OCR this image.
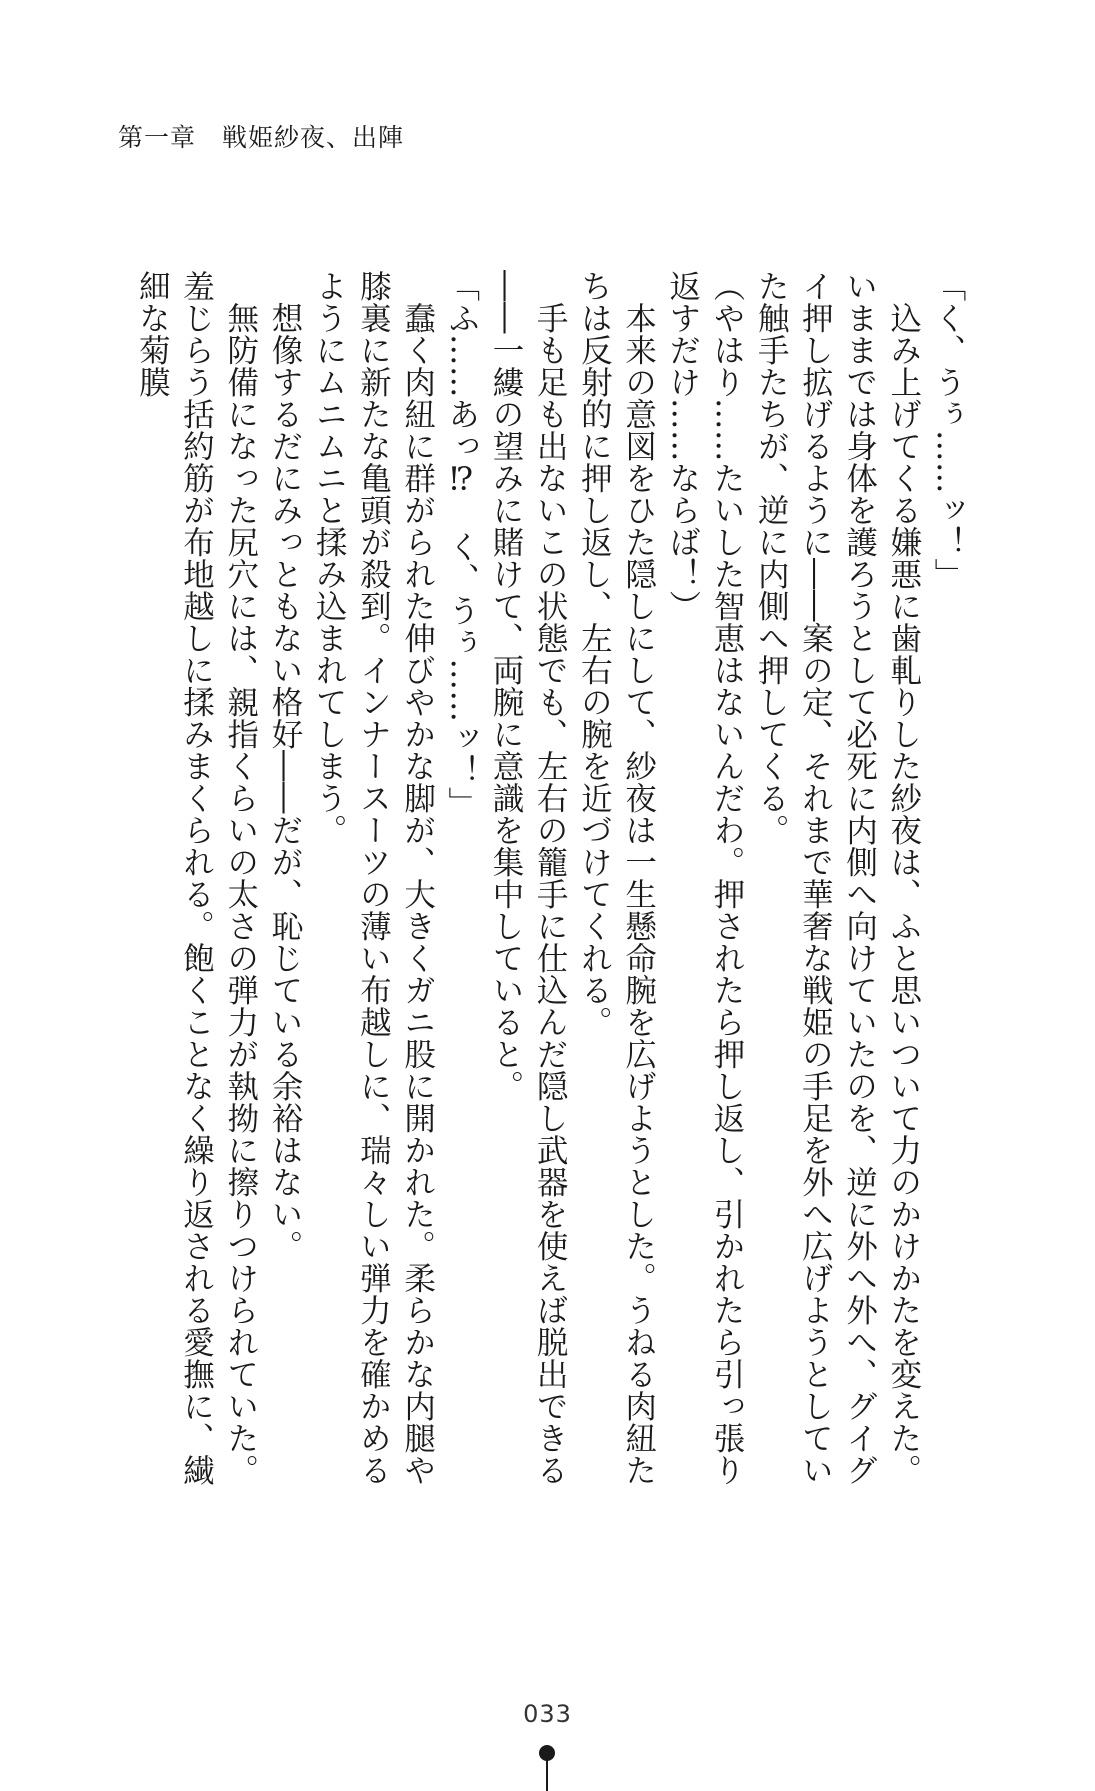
第一章　戦姫紗夜、出陣

「く、うぅ……ッ！」

込み上げてくる嫌悪に歯軋りした紗夜は、ふと思いついて力のかけかたを変えた。いままでは身体を護ろうとして必死に内側へ向けていたのを、逆に外へ外へ、グイグイ押し拡げるように――案の定、それまで華奢な戦姫の手足を外へ広げようとしていた触手たちが、逆に内側へ押してくる。

（やはり……たいした智恵はないんだわ。押されたら押し返し、引かれたら引っ張り返すだけ……ならば！）

本来の意図をひた隠しにして、紗夜は一生懸命腕を広げようとした。うねる肉紐たちは反射的に押し返し、左右の腕を近づけてくれる。

手も足も出ないこの状態でも、左右の籠手に仕込んだ隠し武器を使えば脱出できる――一縷の望みに賭けて、両腕に意識を集中していると。

「ふ……あっ⁉　く、うぅ……ッ！」

蠢く肉紐に群がられた伸びやかな脚が、大きくガニ股に開かれた。柔らかな内腿や膝裏に新たな亀頭が殺到。インナースーツの薄い布越しに、瑞々しい弾力を確かめるようにムニムニと揉み込まれてしまう。

想像するだにみっともない格好――だが、恥じている余裕はない。

無防備になった尻穴には、親指くらいの太さの弾力が執拗に擦りつけられていた。羞じらう括約筋が布地越しに揉みまくられる。飽くことなく繰り返される愛撫に、繊細な菊膜

033
